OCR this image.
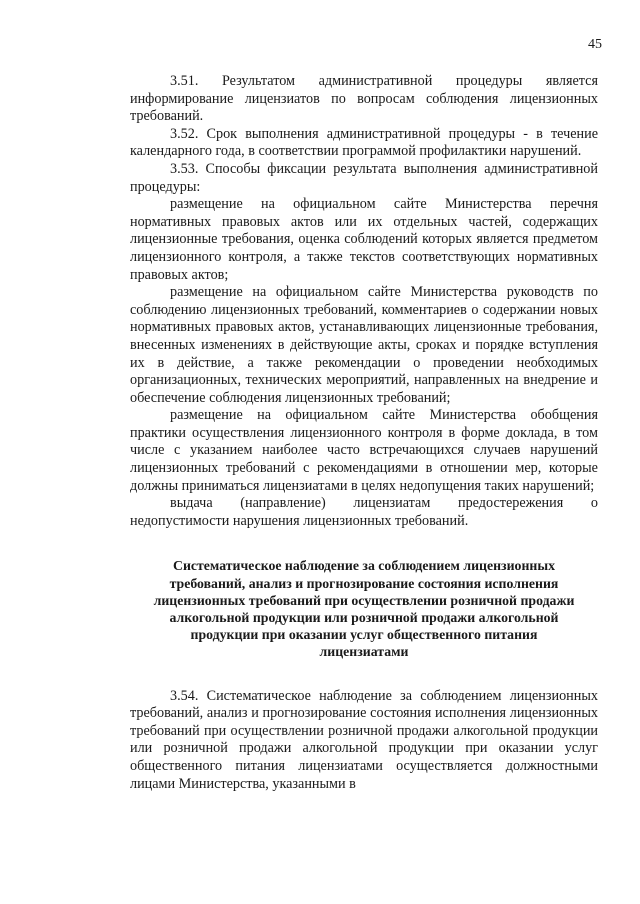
45

3.51. Результатом административной процедуры является информирование лицензиатов по вопросам соблюдения лицензионных требований.

3.52. Срок выполнения административной процедуры - в течение календарного года, в соответствии программой профилактики нарушений.

3.53. Способы фиксации результата выполнения административной процедуры:

размещение на официальном сайте Министерства перечня нормативных правовых актов или их отдельных частей, содержащих лицензионные требования, оценка соблюдений которых является предметом лицензионного контроля, а также текстов соответствующих нормативных правовых актов;

размещение на официальном сайте Министерства руководств по соблюдению лицензионных требований, комментариев о содержании новых нормативных правовых актов, устанавливающих лицензионные требования, внесенных изменениях в действующие акты, сроках и порядке вступления их в действие, а также рекомендации о проведении необходимых организационных, технических мероприятий, направленных на внедрение и обеспечение соблюдения лицензионных требований;

размещение на официальном сайте Министерства обобщения практики осуществления лицензионного контроля в форме доклада, в том числе с указанием наиболее часто встречающихся случаев нарушений лицензионных требований с рекомендациями в отношении мер, которые должны приниматься лицензиатами в целях недопущения таких нарушений;

выдача (направление) лицензиатам предостережения о недопустимости нарушения лицензионных требований.

Систематическое наблюдение за соблюдением лицензионных
требований, анализ и прогнозирование состояния исполнения
лицензионных требований при осуществлении розничной продажи
алкогольной продукции или розничной продажи алкогольной
продукции при оказании услуг общественного питания
лицензиатами

3.54. Систематическое наблюдение за соблюдением лицензионных требований, анализ и прогнозирование состояния исполнения лицензионных требований при осуществлении розничной продажи алкогольной продукции или розничной продажи алкогольной продукции при оказании услуг общественного питания лицензиатами осуществляется должностными лицами Министерства, указанными в
